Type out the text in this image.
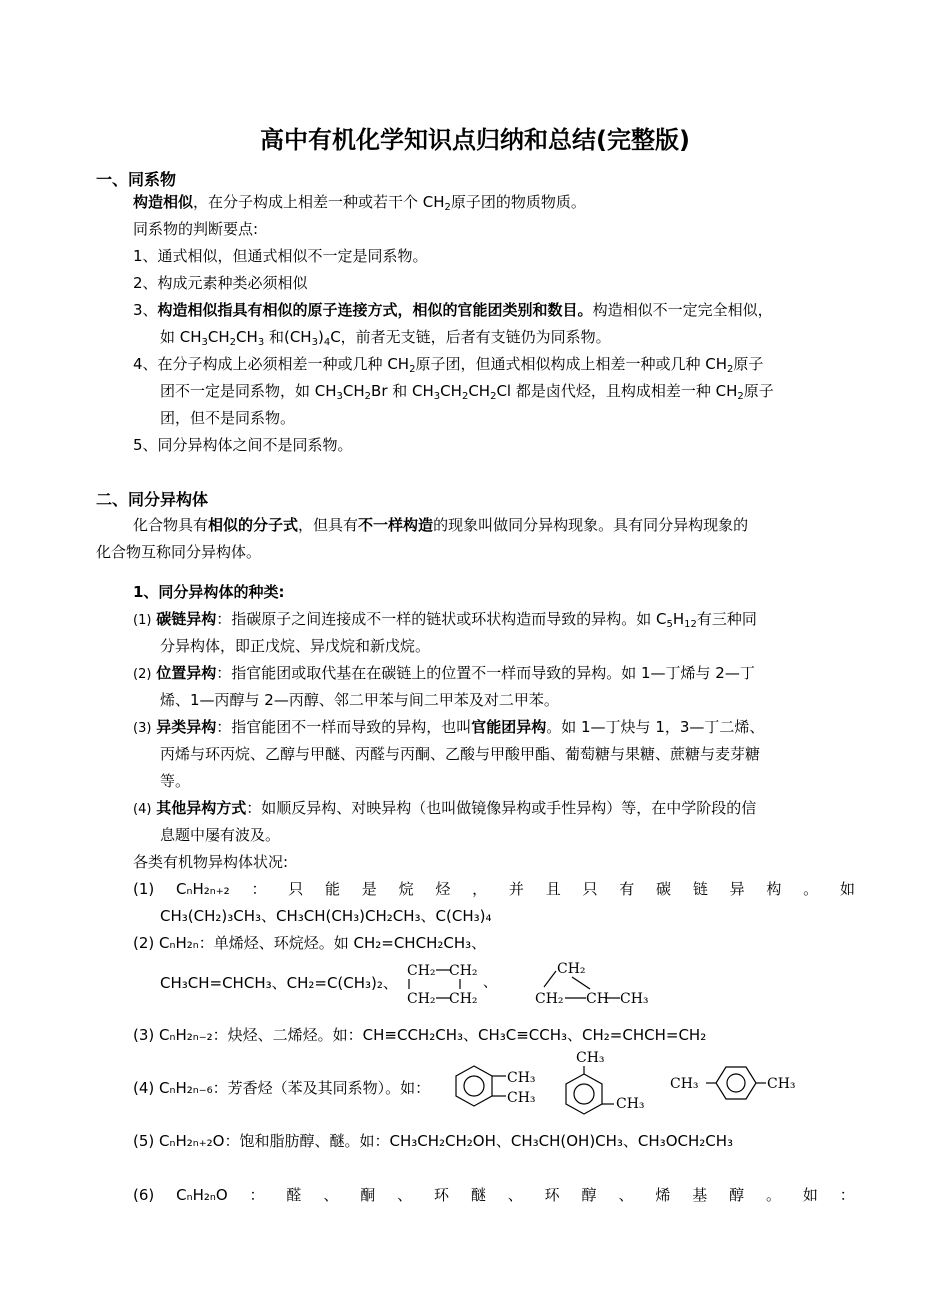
高中有机化学知识点归纳和总结(完整版)
一、同系物
构造相似，在分子构成上相差一种或若干个 $CH_2$原子团的物质物质。
同系物的判断要点:
1、通式相似，但通式相似不一定是同系物。
2、构成元素种类必须相似
3、构造相似指具有相似的原子连接方式，相似的官能团类别和数目。构造相似不一定完全相似，
如 $CH_3CH_2CH_3$ 和$(CH_3)_4C$，前者无支链，后者有支链仍为同系物。
4、在分子构成上必须相差一种或几种 $CH_2$原子团，但通式相似构成上相差一种或几种 $CH_2$原子
团不一定是同系物，如 $CH_3CH_2Br$ 和 $CH_3CH_2CH_2Cl$ 都是卤代烃，且构成相差一种 $CH_2$原子
团，但不是同系物。
5、同分异构体之间不是同系物。
二、同分异构体
化合物具有相似的分子式，但具有不一样构造的现象叫做同分异构现象。具有同分异构现象的
化合物互称同分异构体。
1、同分异构体的种类:
(1) 碳链异构：指碳原子之间连接成不一样的链状或环状构造而导致的异构。如 $C_5H_{12}$有三种同
分异构体，即正戊烷、异戊烷和新戊烷。
(2) 位置异构：指官能团或取代基在在碳链上的位置不一样而导致的异构。如 1—丁烯与 2—丁
烯、1—丙醇与 2—丙醇、邻二甲苯与间二甲苯及对二甲苯。
(3) 异类异构：指官能团不一样而导致的异构，也叫官能团异构。如 1—丁炔与 1，3—丁二烯、
丙烯与环丙烷、乙醇与甲醚、丙醛与丙酮、乙酸与甲酸甲酯、葡萄糖与果糖、蔗糖与麦芽糖
等。
(4) 其他异构方式：如顺反异构、对映异构（也叫做镜像异构或手性异构）等，在中学阶段的信
息题中屡有波及。
各类有机物异构体状况:
(1) CₙH₂ₙ₊₂ ： 只 能 是 烷 烃 ， 并 且 只 有 碳 链 异 构 。 如
CH₃(CH₂)₃CH₃、CH₃CH(CH₃)CH₂CH₃、C(CH₃)₄
(2) CₙH₂ₙ：单烯烃、环烷烃。如 CH₂=CHCH₂CH₃、
CH₃CH=CHCH₃、CH₂=C(CH₃)₂、
CH₂ CH₂
CH₂ CH₂
、
CH₂
CH₂ CH CH₃
(3) CₙH₂ₙ₋₂：炔烃、二烯烃。如：CH≡CCH₂CH₃、CH₃C≡CCH₃、CH₂=CHCH=CH₂
(4) CₙH₂ₙ₋₆：芳香烃（苯及其同系物）。如：
CH₃
CH₃
CH₃
CH₃
CH₃	CH₃
(5) CₙH₂ₙ₊₂O：饱和脂肪醇、醚。如：CH₃CH₂CH₂OH、CH₃CH(OH)CH₃、CH₃OCH₂CH₃
(6) CₙH₂ₙO ： 醛 、 酮 、 环 醚 、 环 醇 、 烯 基 醇 。 如 ：
